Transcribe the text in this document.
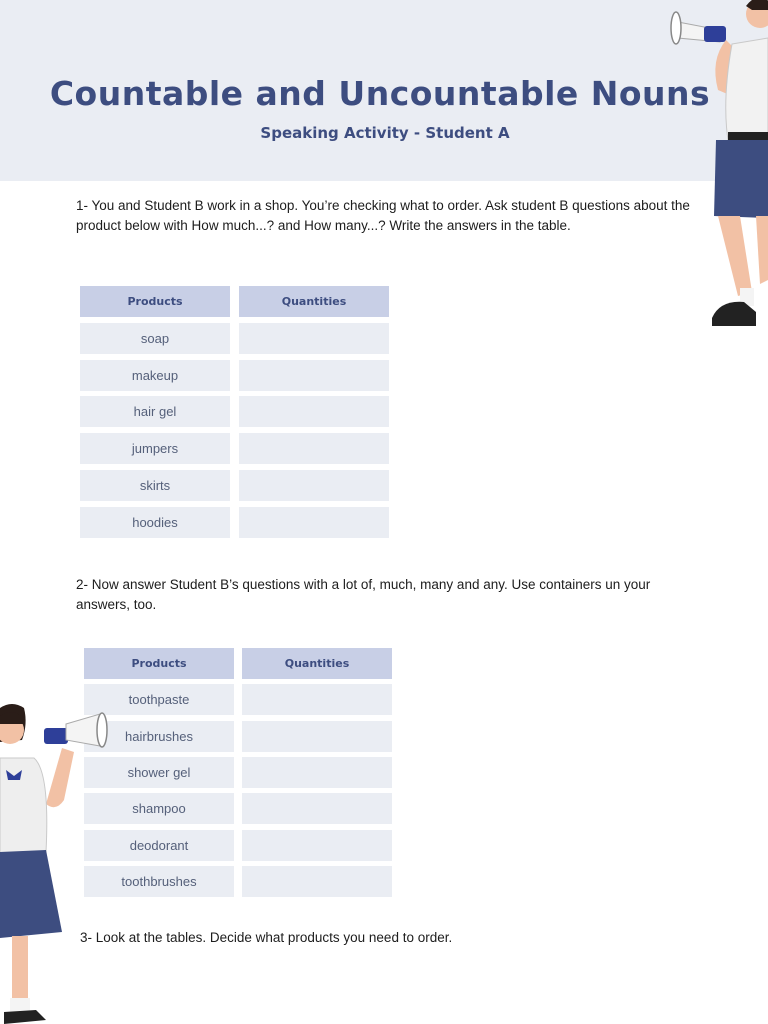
Countable and Uncountable Nouns
Speaking Activity - Student A
1- You and Student B work in a shop. You’re checking what to order. Ask student B questions about the product below with How much...? and How many...? Write the answers in the table.
Products	Quantities
soap
makeup
hair gel
jumpers
skirts
hoodies
2- Now answer Student B’s questions with a lot of, much, many and any. Use containers un your answers, too.
Products	Quantities
toothpaste
hairbrushes
shower gel
shampoo
deodorant
toothbrushes
3- Look at the tables. Decide what products you need to order.
